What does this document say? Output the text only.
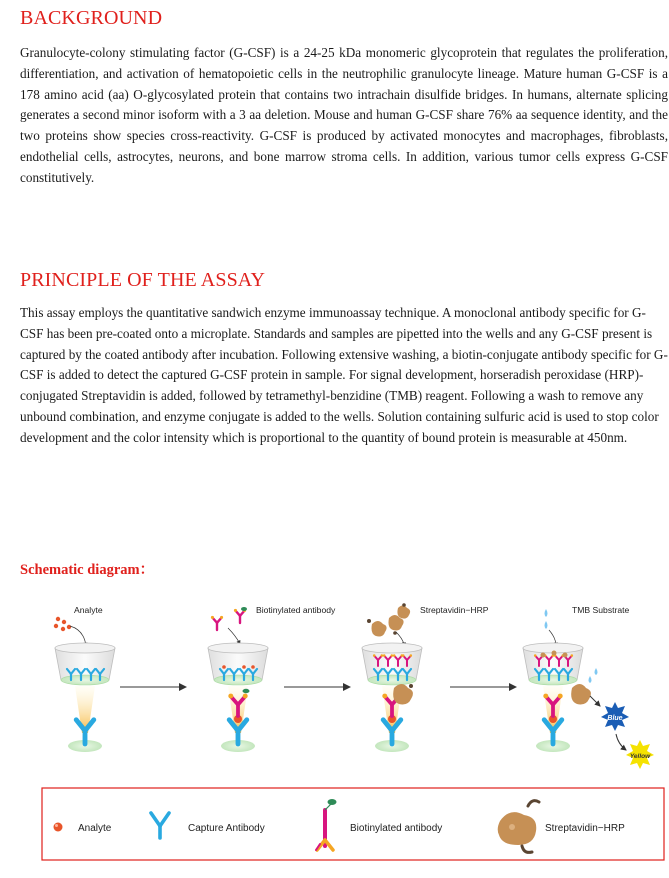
BACKGROUND

Granulocyte-colony stimulating factor (G-CSF) is a 24-25 kDa monomeric glycoprotein that regulates the proliferation, differentiation, and activation of hematopoietic cells in the neutrophilic granulocyte lineage. Mature human G-CSF is a 178 amino acid (aa) O-glycosylated protein that contains two intrachain disulfide bridges. In humans, alternate splicing generates a second minor isoform with a 3 aa deletion. Mouse and human G-CSF share 76% aa sequence identity, and the two proteins show species cross-reactivity. G-CSF is produced by activated monocytes and macrophages, fibroblasts, endothelial cells, astrocytes, neurons, and bone marrow stroma cells. In addition, various tumor cells express G-CSF constitutively.

PRINCIPLE OF THE ASSAY

This assay employs the quantitative sandwich enzyme immunoassay technique. A monoclonal antibody specific for G-CSF has been pre-coated onto a microplate. Standards and samples are pipetted into the wells and any G-CSF present is captured by the coated antibody after incubation. Following extensive washing, a biotin-conjugate antibody specific for G-CSF is added to detect the captured G-CSF protein in sample. For signal development, horseradish peroxidase (HRP)-conjugated Streptavidin is added, followed by tetramethyl-benzidine (TMB) reagent. Following a wash to remove any unbound combination, and enzyme conjugate is added to the wells. Solution containing sulfuric acid is used to stop color development and the color intensity which is proportional to the quantity of bound protein is measurable at 450nm.

Schematic diagram：
Analyte	Biotinylated antibody	Streptavidin−HRP	TMB Substrate
Blue
Yellow
Analyte	Capture Antibody	Biotinylated antibody	Streptavidin−HRP
